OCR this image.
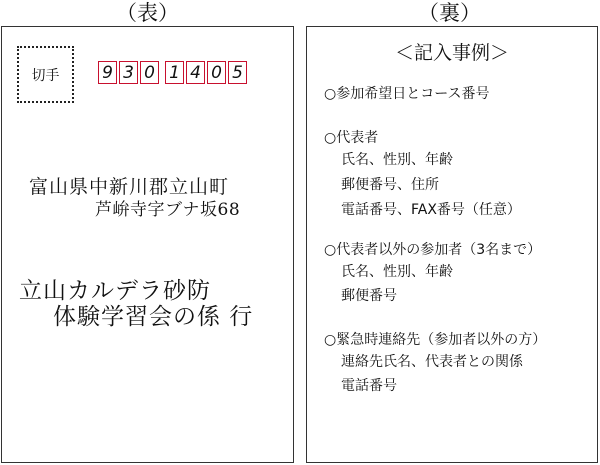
（表）	（裏）
切手	9 3 0 1 4 0 5
富山県中新川郡立山町
芦峅寺字ブナ坂68
立山カルデラ砂防
体験学習会の係 行
＜記入事例＞
○参加希望日とコース番号
○代表者
氏名、性別、年齢
郵便番号、住所
電話番号、FAX番号（任意）
○代表者以外の参加者（3名まで）
氏名、性別、年齢
郵便番号
○緊急時連絡先（参加者以外の方）
連絡先氏名、代表者との関係
電話番号
